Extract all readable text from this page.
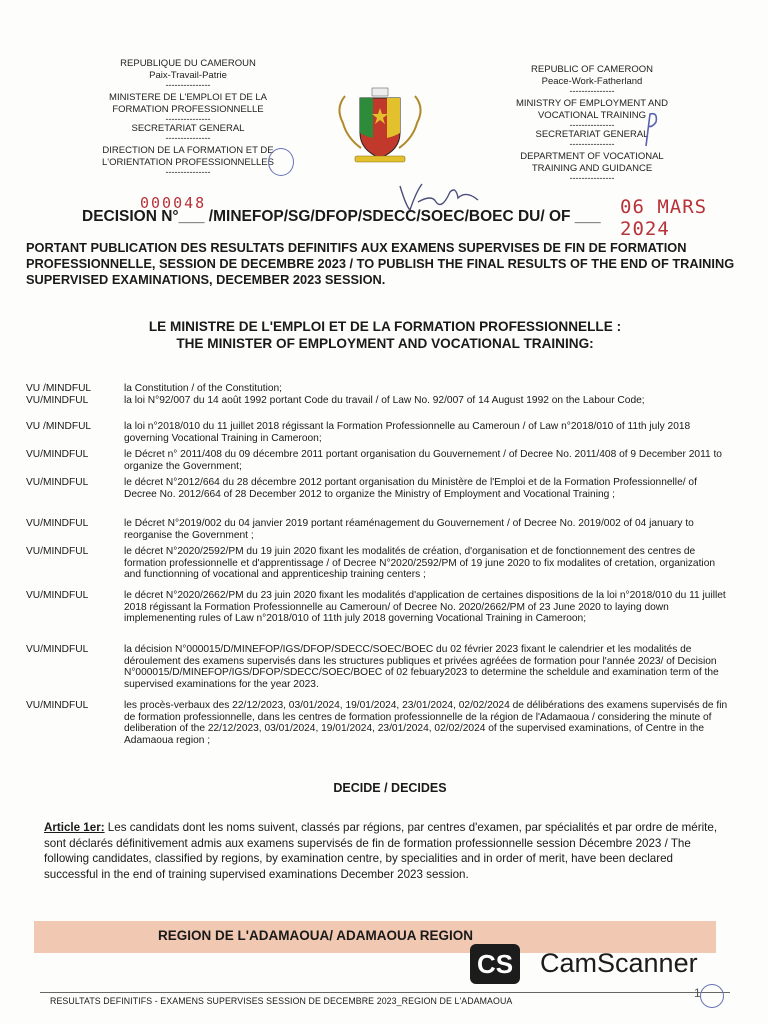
REPUBLIQUE DU CAMEROUN
Paix-Travail-Patrie
---------------
MINISTERE DE L'EMPLOI ET DE LA
FORMATION PROFESSIONNELLE
---------------
SECRETARIAT GENERAL
---------------
DIRECTION DE LA FORMATION ET DE
L'ORIENTATION PROFESSIONNELLES
---------------
REPUBLIC OF CAMEROON
Peace-Work-Fatherland
---------------
MINISTRY OF EMPLOYMENT AND
VOCATIONAL TRAINING
---------------
SECRETARIAT GENERAL
---------------
DEPARTMENT OF VOCATIONAL
TRAINING AND GUIDANCE
---------------
000048
DECISION N°___ /MINEFOP/SG/DFOP/SDECC/SOEC/BOEC DU/ OF ___	06 MARS 2024
PORTANT PUBLICATION DES RESULTATS DEFINITIFS AUX EXAMENS SUPERVISES DE FIN DE FORMATION PROFESSIONNELLE, SESSION DE DECEMBRE 2023 / TO PUBLISH THE FINAL RESULTS OF THE END OF TRAINING SUPERVISED EXAMINATIONS, DECEMBER 2023 SESSION.
LE MINISTRE DE L'EMPLOI ET DE LA FORMATION PROFESSIONNELLE :
THE MINISTER OF EMPLOYMENT AND VOCATIONAL TRAINING:
VU /MINDFUL	la Constitution / of the Constitution;
VU/MINDFUL	la loi N°92/007 du 14 août 1992 portant Code du travail / of Law No. 92/007 of 14 August 1992 on the Labour Code;
VU /MINDFUL	la loi n°2018/010 du 11 juillet 2018 régissant la Formation Professionnelle au Cameroun / of Law n°2018/010 of 11th july 2018 governing Vocational Training in Cameroon;
VU/MINDFUL	le Décret n° 2011/408 du 09 décembre 2011 portant organisation du Gouvernement / of Decree No. 2011/408 of 9 December 2011 to organize the Government;
VU/MINDFUL	le décret N°2012/664 du 28 décembre 2012 portant organisation du Ministère de l'Emploi et de la Formation Professionnelle/ of Decree No. 2012/664 of 28 December 2012 to organize the Ministry of Employment and Vocational Training ;
VU/MINDFUL	le Décret N°2019/002 du 04 janvier 2019 portant réaménagement du Gouvernement / of Decree No. 2019/002 of 04 january to reorganise the Government ;
VU/MINDFUL	le décret N°2020/2592/PM du 19 juin 2020 fixant les modalités de création, d'organisation et de fonctionnement des centres de formation professionnelle et d'apprentissage / of Decree N°2020/2592/PM of 19 june 2020 to fix modalites of cretation, organization and functionning of vocational and apprenticeship training centers ;
VU/MINDFUL	le décret N°2020/2662/PM du 23 juin 2020 fixant les modalités d'application de certaines dispositions de la loi n°2018/010 du 11 juillet 2018 régissant la Formation Professionnelle au Cameroun/ of Decree No. 2020/2662/PM of 23 June 2020 to laying down implemenenting rules of Law n°2018/010 of 11th july 2018 governing Vocational Training in Cameroon;
VU/MINDFUL	la décision N°000015/D/MINEFOP/IGS/DFOP/SDECC/SOEC/BOEC du 02 février 2023 fixant le calendrier et les modalités de déroulement des examens supervisés dans les structures publiques et privées agréées de formation pour l'année 2023/ of Decision N°000015/D/MINEFOP/IGS/DFOP/SDECC/SOEC/BOEC of 02 febuary2023 to determine the scheldule and examination term of the supervised examinations for the year 2023.
VU/MINDFUL	les procès-verbaux des 22/12/2023, 03/01/2024, 19/01/2024, 23/01/2024, 02/02/2024 de délibérations des examens supervisés de fin de formation professionnelle, dans les centres de formation professionnelle de la région de l'Adamaoua / considering the minute of deliberation of the 22/12/2023, 03/01/2024, 19/01/2024, 23/01/2024, 02/02/2024 of the supervised examinations, of Centre in the Adamaoua region ;
DECIDE / DECIDES
Article 1er: Les candidats dont les noms suivent, classés par régions, par centres d'examen, par spécialités et par ordre de mérite, sont déclarés définitivement admis aux examens supervisés de fin de formation professionnelle session Décembre 2023 / The following candidates, classified by regions, by examination centre, by specialities and in order of merit, have been declared successful in the end of training supervised examinations December 2023 session.
REGION DE L'ADAMAOUA/ ADAMAOUA REGION
CS CamScanner
RESULTATS DEFINITIFS - EXAMENS SUPERVISES SESSION DE DECEMBRE 2023_REGION DE L'ADAMAOUA
1
